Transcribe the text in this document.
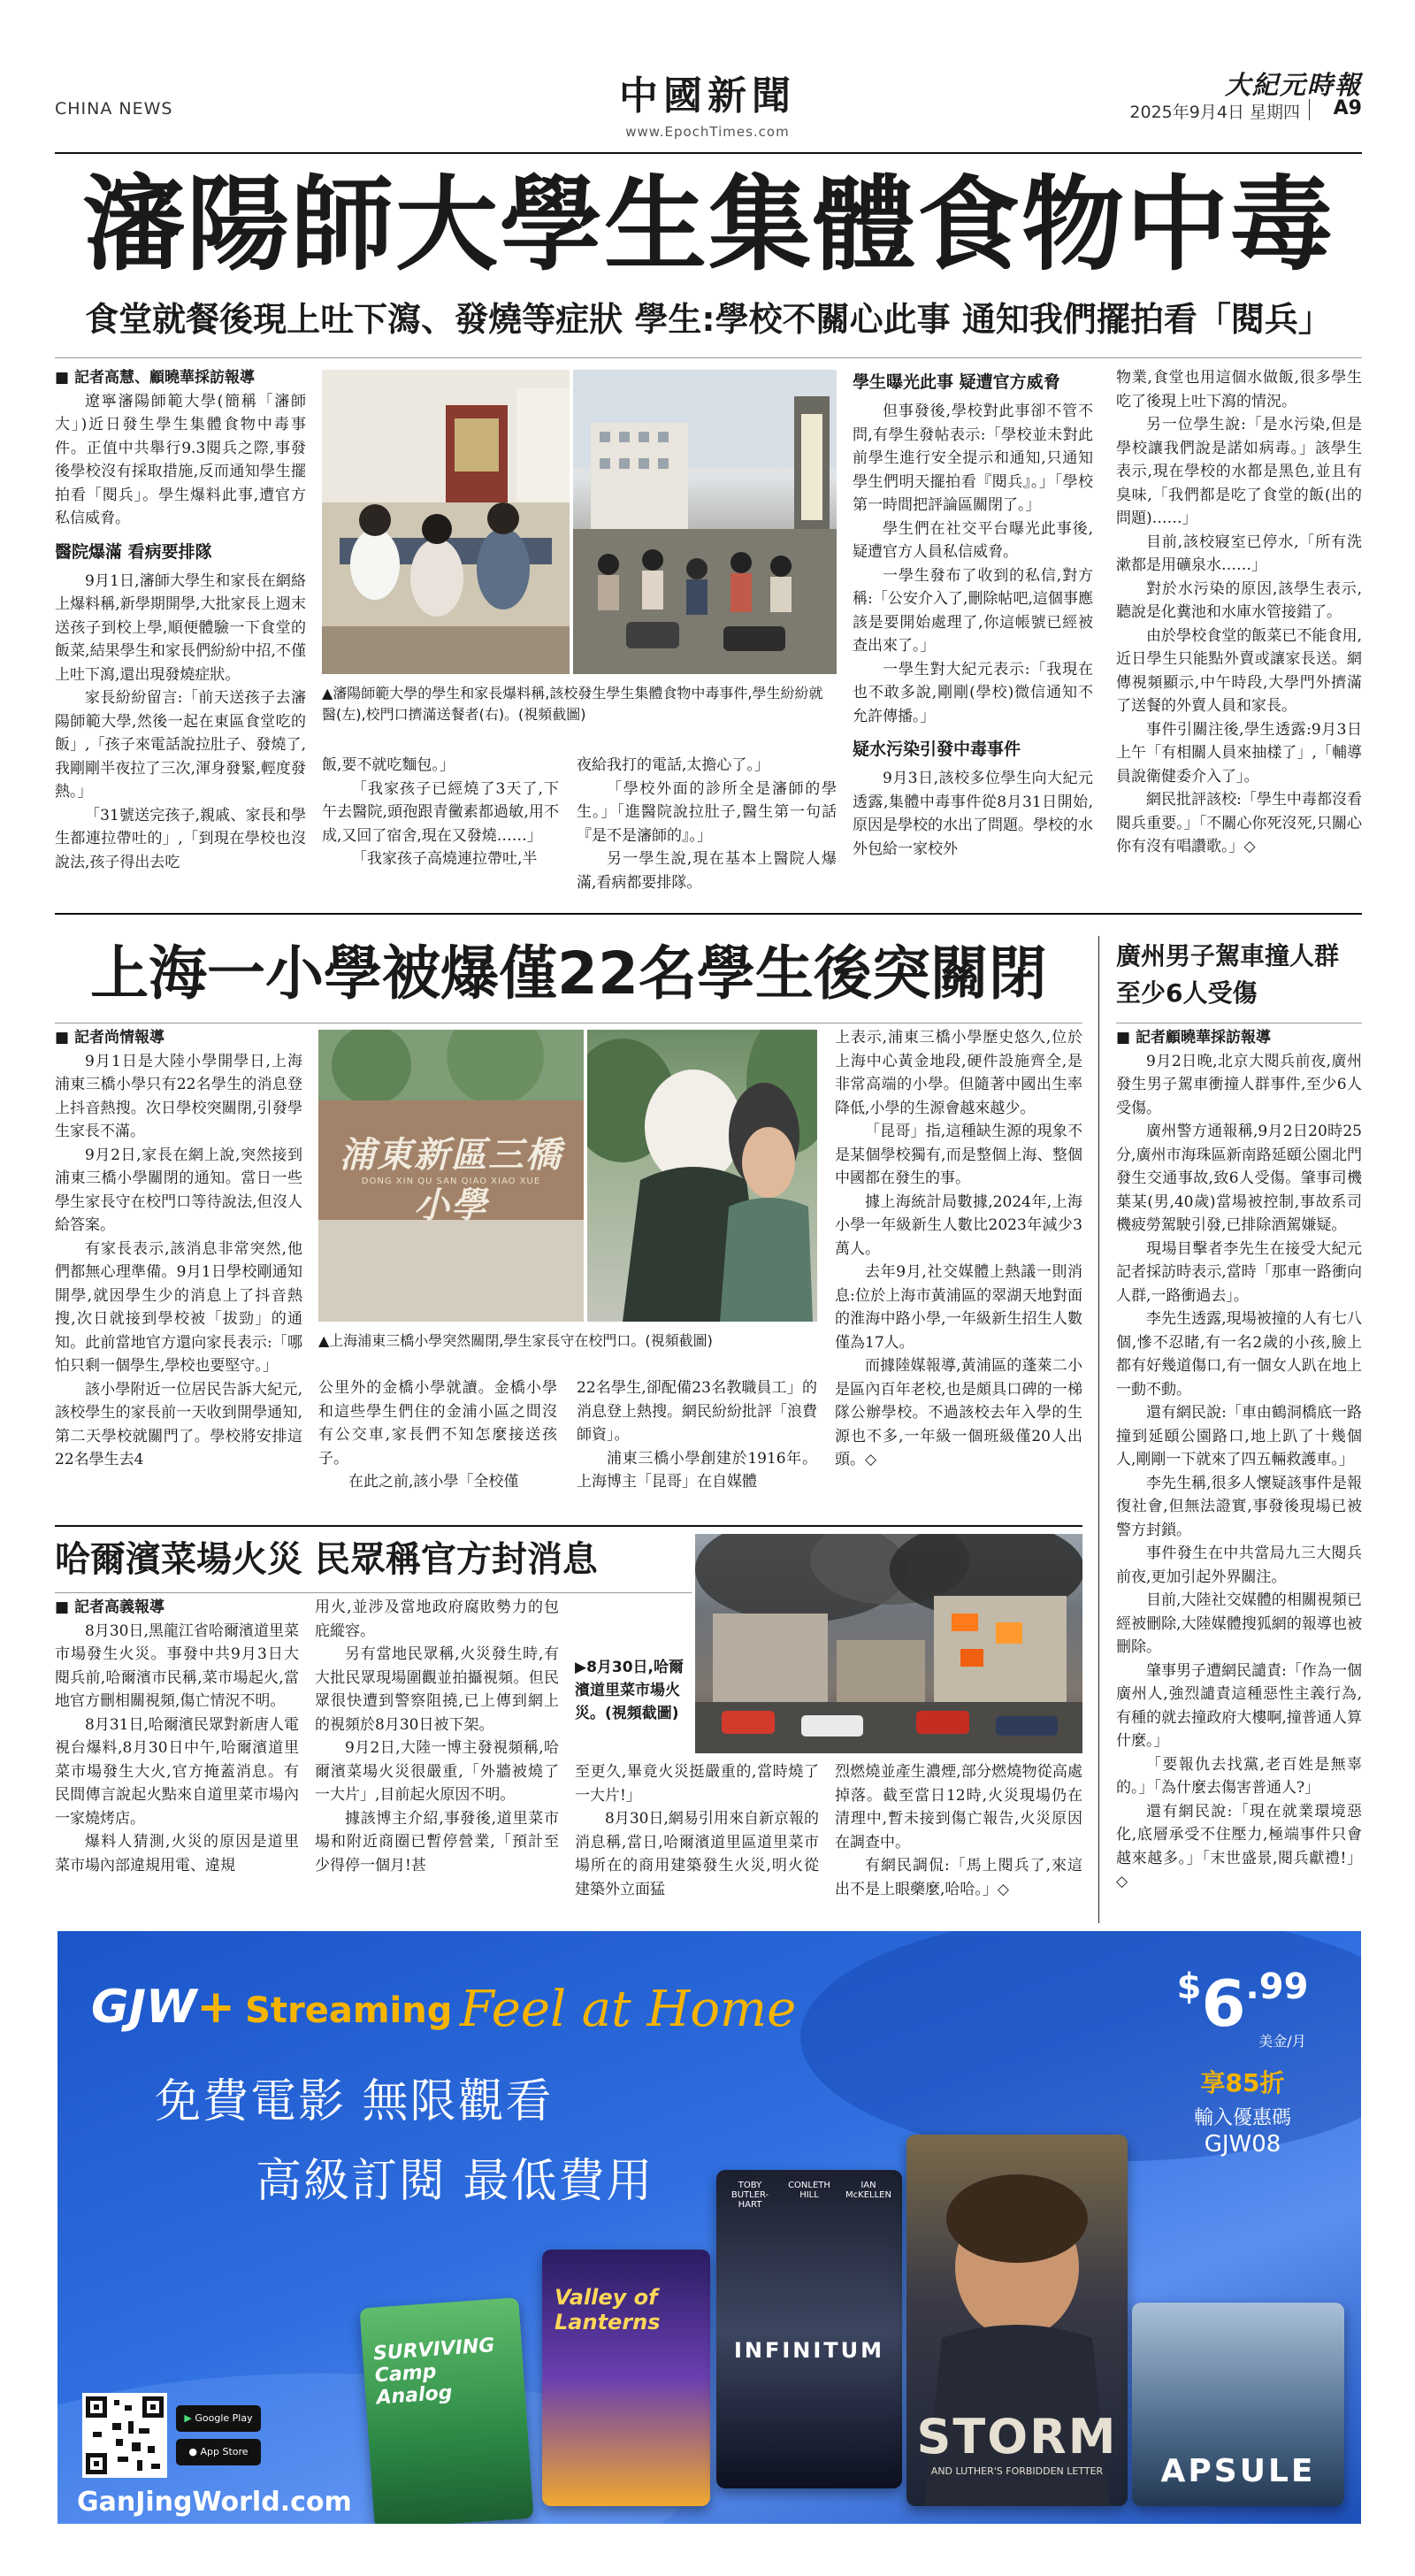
CHINA NEWS	中國新聞
www.EpochTimes.com
大紀元時報
2025年9月4日 星期四	A9
瀋陽師大學生集體食物中毒
食堂就餐後現上吐下瀉、發燒等症狀 學生:學校不關心此事 通知我們擺拍看「閱兵」
■ 記者高慧、顧曉華採訪報導

遼寧瀋陽師範大學(簡稱「瀋師大」)近日發生學生集體食物中毒事件。正值中共舉行9.3閱兵之際,事發後學校沒有採取措施,反而通知學生擺拍看「閱兵」。學生爆料此事,遭官方私信威脅。

醫院爆滿 看病要排隊

9月1日,瀋師大學生和家長在網絡上爆料稱,新學期開學,大批家長上週末送孩子到校上學,順便體驗一下食堂的飯菜,結果學生和家長們紛紛中招,不僅上吐下瀉,還出現發燒症狀。

家長紛紛留言:「前天送孩子去瀋陽師範大學,然後一起在東區食堂吃的飯」,「孩子來電話說拉肚子、發燒了,我剛剛半夜拉了三次,渾身發緊,輕度發熱。」

「31號送完孩子,親戚、家長和學生都連拉帶吐的」,「到現在學校也沒說法,孩子得出去吃

▲瀋陽師範大學的學生和家長爆料稱,該校發生學生集體食物中毒事件,學生紛紛就醫(左),校門口擠滿送餐者(右)。(視頻截圖)

飯,要不就吃麵包。」

「我家孩子已經燒了3天了,下午去醫院,頭孢跟青黴素都過敏,用不成,又回了宿舍,現在又發燒……」

「我家孩子高燒連拉帶吐,半

夜給我打的電話,太擔心了。」

「學校外面的診所全是瀋師的學生。」「進醫院說拉肚子,醫生第一句話『是不是瀋師的』。」

另一學生說,現在基本上醫院人爆滿,看病都要排隊。

學生曝光此事 疑遭官方威脅

但事發後,學校對此事卻不管不問,有學生發帖表示:「學校並未對此前學生進行安全提示和通知,只通知學生們明天擺拍看『閱兵』。」「學校第一時間把評論區關閉了。」

學生們在社交平台曝光此事後,疑遭官方人員私信威脅。

一學生發布了收到的私信,對方稱:「公安介入了,刪除帖吧,這個事應該是要開始處理了,你這帳號已經被查出來了。」

一學生對大紀元表示:「我現在也不敢多說,剛剛(學校)微信通知不允許傳播。」

疑水污染引發中毒事件

9月3日,該校多位學生向大紀元透露,集體中毒事件從8月31日開始,原因是學校的水出了問題。學校的水外包給一家校外

物業,食堂也用這個水做飯,很多學生吃了後現上吐下瀉的情況。

另一位學生說:「是水污染,但是學校讓我們說是諾如病毒。」該學生表示,現在學校的水都是黑色,並且有臭味,「我們都是吃了食堂的飯(出的問題)……」

目前,該校寢室已停水,「所有洗漱都是用礦泉水……」

對於水污染的原因,該學生表示,聽說是化糞池和水庫水管接錯了。

由於學校食堂的飯菜已不能食用,近日學生只能點外賣或讓家長送。網傳視頻顯示,中午時段,大學門外擠滿了送餐的外賣人員和家長。

事件引關注後,學生透露:9月3日上午「有相關人員來抽樣了」,「輔導員說衛健委介入了」。

網民批評該校:「學生中毒都沒看閱兵重要。」「不關心你死沒死,只關心你有沒有唱讚歌。」◇

上海一小學被爆僅22名學生後突關閉
■ 記者尚情報導

9月1日是大陸小學開學日,上海浦東三橋小學只有22名學生的消息登上抖音熱搜。次日學校突關閉,引發學生家長不滿。

9月2日,家長在網上說,突然接到浦東三橋小學關閉的通知。當日一些學生家長守在校門口等待說法,但沒人給答案。

有家長表示,該消息非常突然,他們都無心理準備。9月1日學校剛通知開學,就因學生少的消息上了抖音熱搜,次日就接到學校被「拔勁」的通知。此前當地官方還向家長表示:「哪怕只剩一個學生,學校也要堅守。」

該小學附近一位居民告訴大紀元,該校學生的家長前一天收到開學通知,第二天學校就關門了。學校將安排這22名學生去4

浦東新區三橋小學
DONG XIN QU SAN QIAO XIAO XUE
▲上海浦東三橋小學突然關閉,學生家長守在校門口。(視頻截圖)

公里外的金橋小學就讀。金橋小學和這些學生們住的金浦小區之間沒有公交車,家長們不知怎麼接送孩子。

在此之前,該小學「全校僅

22名學生,卻配備23名教職員工」的消息登上熱搜。網民紛紛批評「浪費師資」。

浦東三橋小學創建於1916年。上海博主「昆哥」在自媒體

上表示,浦東三橋小學歷史悠久,位於上海中心黃金地段,硬件設施齊全,是非常高端的小學。但隨著中國出生率降低,小學的生源會越來越少。

「昆哥」指,這種缺生源的現象不是某個學校獨有,而是整個上海、整個中國都在發生的事。

據上海統計局數據,2024年,上海小學一年級新生人數比2023年減少3萬人。

去年9月,社交媒體上熱議一則消息:位於上海市黃浦區的翠湖天地對面的淮海中路小學,一年級新生招生人數僅為17人。

而據陸媒報導,黃浦區的蓬萊二小是區內百年老校,也是頗具口碑的一梯隊公辦學校。不過該校去年入學的生源也不多,一年級一個班級僅20人出頭。◇

哈爾濱菜場火災 民眾稱官方封消息
■ 記者高義報導

8月30日,黑龍江省哈爾濱道里菜市場發生火災。事發中共9月3日大閱兵前,哈爾濱市民稱,菜市場起火,當地官方刪相關視頻,傷亡情況不明。

8月31日,哈爾濱民眾對新唐人電視台爆料,8月30日中午,哈爾濱道里菜市場發生大火,官方掩蓋消息。有民間傳言說起火點來自道里菜市場內一家燒烤店。

爆料人猜測,火災的原因是道里菜市場內部違規用電、違規

用火,並涉及當地政府腐敗勢力的包庇縱容。

另有當地民眾稱,火災發生時,有大批民眾現場圍觀並拍攝視頻。但民眾很快遭到警察阻撓,已上傳到網上的視頻於8月30日被下架。

9月2日,大陸一博主發視頻稱,哈爾濱菜場火災很嚴重,「外牆被燒了一大片」,目前起火原因不明。

據該博主介紹,事發後,道里菜市場和附近商圈已暫停營業,「預計至少得停一個月!甚

▶8月30日,哈爾濱道里菜市場火災。(視頻截圖)

至更久,畢竟火災挺嚴重的,當時燒了一大片!」

8月30日,網易引用來自新京報的消息稱,當日,哈爾濱道里區道里菜市場所在的商用建築發生火災,明火從建築外立面猛

烈燃燒並產生濃煙,部分燃燒物從高處掉落。截至當日12時,火災現場仍在清理中,暫未接到傷亡報告,火災原因在調查中。

有網民調侃:「馬上閱兵了,來這出不是上眼藥麼,哈哈。」◇

廣州男子駕車撞人群至少6人受傷
■ 記者顧曉華採訪報導

9月2日晚,北京大閱兵前夜,廣州發生男子駕車衝撞人群事件,至少6人受傷。

廣州警方通報稱,9月2日20時25分,廣州市海珠區新南路延頤公園北門發生交通事故,致6人受傷。肇事司機葉某(男,40歲)當場被控制,事故系司機疲勞駕駛引發,已排除酒駕嫌疑。

現場目擊者李先生在接受大紀元記者採訪時表示,當時「那車一路衝向人群,一路衝過去」。

李先生透露,現場被撞的人有七八個,慘不忍睹,有一名2歲的小孩,臉上都有好幾道傷口,有一個女人趴在地上一動不動。

還有網民說:「車由鶴洞橋底一路撞到延頤公園路口,地上趴了十幾個人,剛剛一下就來了四五輛救護車。」

李先生稱,很多人懷疑該事件是報復社會,但無法證實,事發後現場已被警方封鎖。

事件發生在中共當局九三大閱兵前夜,更加引起外界關注。

目前,大陸社交媒體的相關視頻已經被刪除,大陸媒體搜狐網的報導也被刪除。

肇事男子遭網民譴責:「作為一個廣州人,強烈譴責這種惡性主義行為,有種的就去撞政府大樓啊,撞普通人算什麼。」

「要報仇去找黨,老百姓是無辜的。」「為什麼去傷害普通人?」

還有網民說:「現在就業環境惡化,底層承受不住壓力,極端事件只會越來越多。」「末世盛景,閱兵獻禮!」◇

GJW+ Streaming Feel at Home	$6.99
美金/月
享85折
輸入優惠碼
GJW08
免費電影 無限觀看
高級訂閱 最低費用
SURVIVING Camp Analog
Valley of Lanterns
TOBY BUTLER-HART
CONLETH HILL
IAN McKELLEN
INFINITUM
STORM
AND LUTHER'S FORBIDDEN LETTER	APSULE
▶ Google Play
● App Store
GanJingWorld.com
